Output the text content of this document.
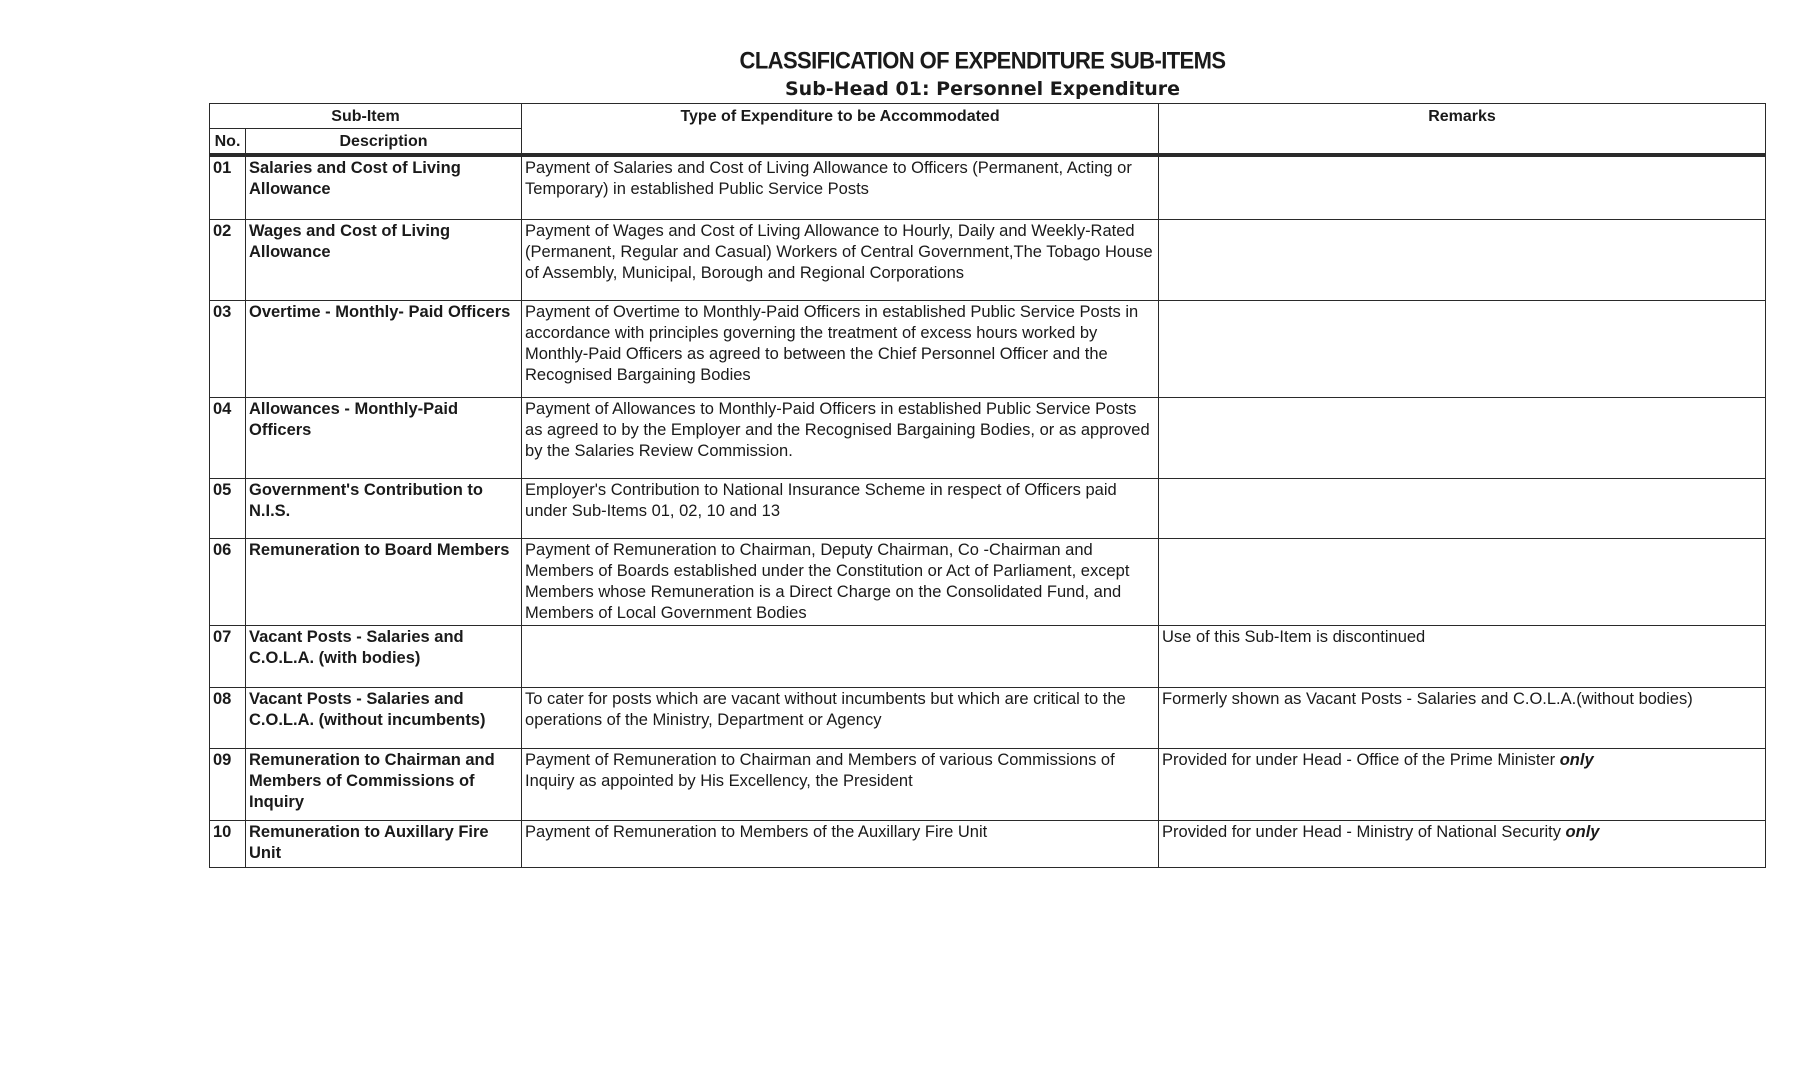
CLASSIFICATION OF EXPENDITURE SUB-ITEMS
Sub-Head 01: Personnel Expenditure
Sub-Item		Type of Expenditure to be Accommodated	Remarks
No.	Description		
01	Salaries and Cost of Living Allowance	Payment of Salaries and Cost of Living Allowance to Officers (Permanent, Acting or Temporary) in established Public Service Posts	
02	Wages and Cost of Living Allowance	Payment of Wages and Cost of Living Allowance to Hourly, Daily and Weekly-Rated (Permanent, Regular and Casual) Workers of Central Government,The Tobago House of Assembly, Municipal, Borough and Regional Corporations	
03	Overtime - Monthly- Paid Officers	Payment of Overtime to Monthly-Paid Officers in established Public Service Posts in accordance with principles governing the treatment of excess hours worked by Monthly-Paid Officers as agreed to between the Chief Personnel Officer and the Recognised Bargaining Bodies	
04	Allowances - Monthly-Paid Officers	Payment of Allowances to Monthly-Paid Officers in established Public Service Posts as agreed to by the Employer and the Recognised Bargaining Bodies, or as approved by the Salaries Review Commission.	
05	Government's Contribution to N.I.S.	Employer's Contribution to National Insurance Scheme in respect of Officers paid under Sub-Items 01, 02, 10 and 13	
06	Remuneration to Board Members	Payment of Remuneration to Chairman, Deputy Chairman, Co -Chairman and Members of Boards established under the Constitution or Act of Parliament, except Members whose Remuneration is a Direct Charge on the Consolidated Fund, and Members of Local Government Bodies	
07	Vacant Posts - Salaries and C.O.L.A. (with bodies)		Use of this Sub-Item is discontinued
08	Vacant Posts - Salaries and C.O.L.A. (without incumbents)	To cater for posts which are vacant without incumbents but which are critical to the operations of the Ministry, Department or Agency	Formerly shown as Vacant Posts - Salaries and C.O.L.A.(without bodies)
09	Remuneration to Chairman and Members of Commissions of Inquiry	Payment of Remuneration to Chairman and Members of various Commissions of Inquiry as appointed by His Excellency, the President	Provided for under Head - Office of the Prime Minister only
10	Remuneration to Auxillary Fire Unit	Payment of Remuneration to Members of the Auxillary Fire Unit	Provided for under Head - Ministry of National Security only
